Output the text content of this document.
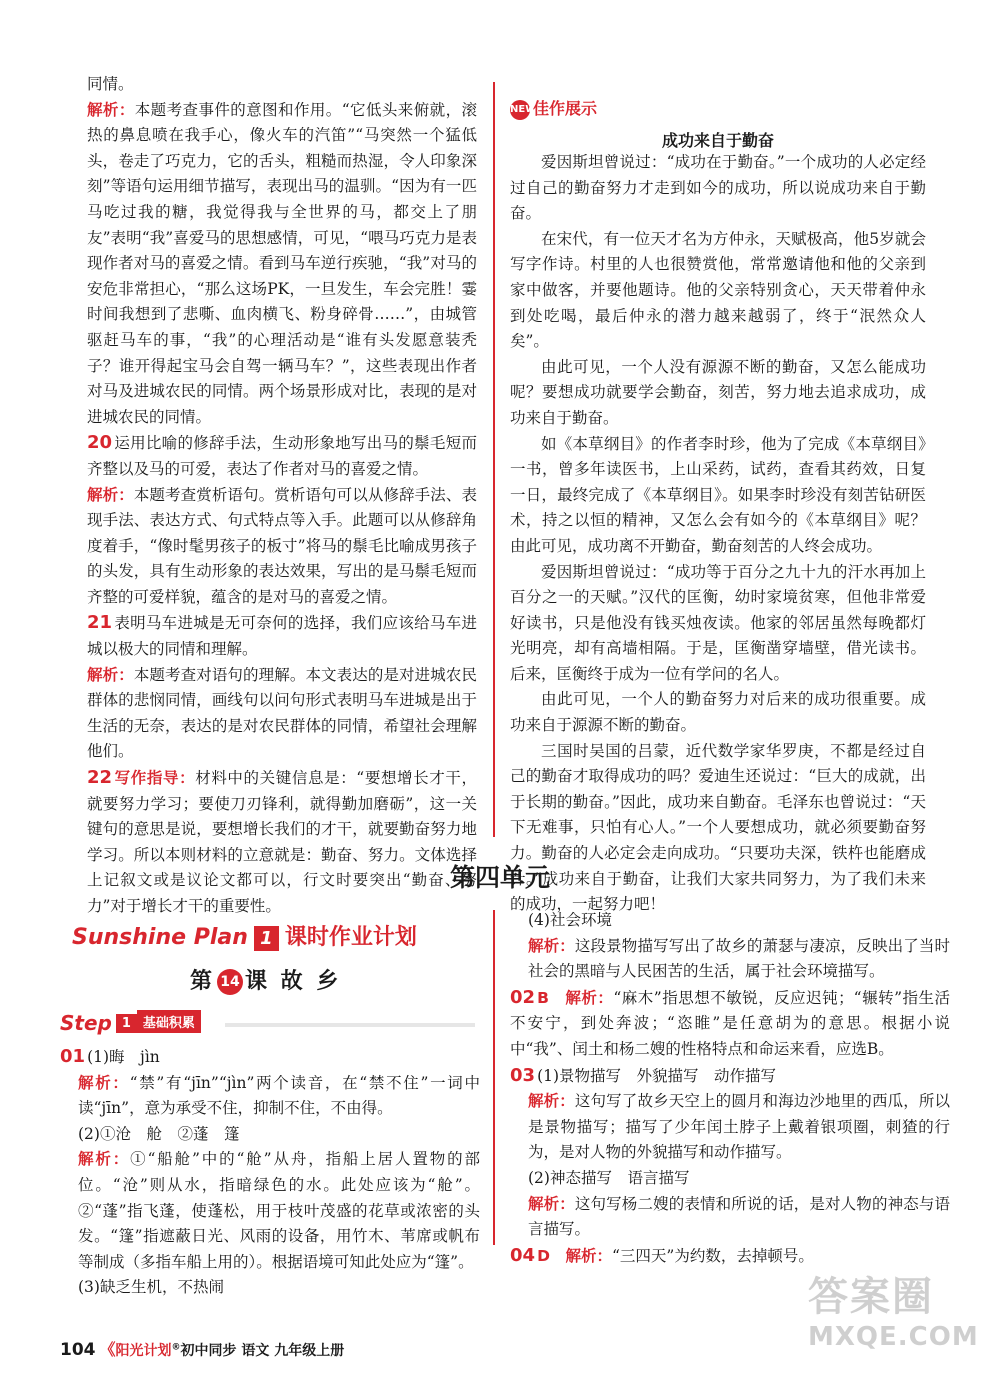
同情。
解析：本题考查事件的意图和作用。“它低头来俯就，滚热的鼻息喷在我手心，像火车的汽笛”“马突然一个猛低头，卷走了巧克力，它的舌头，粗糙而热湿，令人印象深刻”等语句运用细节描写，表现出马的温驯。“因为有一匹马吃过我的糖，我觉得我与全世界的马，都交上了朋友”表明“我”喜爱马的思想感情，可见，“喂马巧克力是表现作者对马的喜爱之情。看到马车逆行疾驰，“我”对马的安危非常担心，“那么这场PK，一旦发生，车会完胜！霎时间我想到了悲嘶、血肉横飞、粉身碎骨……”，由城管驱赶马车的事，“我”的心理活动是“谁有头发愿意装秃子？谁开得起宝马会自驾一辆马车？”，这些表现出作者对马及进城农民的同情。两个场景形成对比，表现的是对进城农民的同情。
20 运用比喻的修辞手法，生动形象地写出马的鬃毛短而齐整以及马的可爱，表达了作者对马的喜爱之情。
解析：本题考查赏析语句。赏析语句可以从修辞手法、表现手法、表达方式、句式特点等入手。此题可以从修辞角度着手，“像时髦男孩子的板寸”将马的鬃毛比喻成男孩子的头发，具有生动形象的表达效果，写出的是马鬃毛短而齐整的可爱样貌，蕴含的是对马的喜爱之情。
21 表明马车进城是无可奈何的选择，我们应该给马车进城以极大的同情和理解。
解析：本题考查对语句的理解。本文表达的是对进城农民群体的悲悯同情，画线句以问句形式表明马车进城是出于生活的无奈，表达的是对农民群体的同情，希望社会理解他们。
22 写作指导：材料中的关键信息是：“要想增长才干，就要努力学习；要使刀刃锋利，就得勤加磨砺”，这一关键句的意思是说，要想增长我们的才干，就要勤奋努力地学习。所以本则材料的立意就是：勤奋、努力。文体选择上记叙文或是议论文都可以，行文时要突出“勤奋、努力”对于增长才干的重要性。
NEW佳作展示
成功来自于勤奋
爱因斯坦曾说过：“成功在于勤奋。”一个成功的人必定经过自己的勤奋努力才走到如今的成功，所以说成功来自于勤奋。
在宋代，有一位天才名为方仲永，天赋极高，他5岁就会写字作诗。村里的人也很赞赏他，常常邀请他和他的父亲到家中做客，并要他题诗。他的父亲特别贪心，天天带着仲永到处吃喝，最后仲永的潜力越来越弱了，终于“泯然众人矣”。
由此可见，一个人没有源源不断的勤奋，又怎么能成功呢？要想成功就要学会勤奋，刻苦，努力地去追求成功，成功来自于勤奋。
如《本草纲目》的作者李时珍，他为了完成《本草纲目》一书，曾多年读医书，上山采药，试药，查看其药效，日复一日，最终完成了《本草纲目》。如果李时珍没有刻苦钻研医术，持之以恒的精神，又怎么会有如今的《本草纲目》呢？由此可见，成功离不开勤奋，勤奋刻苦的人终会成功。
爱因斯坦曾说过：“成功等于百分之九十九的汗水再加上百分之一的天赋。”汉代的匡衡，幼时家境贫寒，但他非常爱好读书，只是他没有钱买烛夜读。他家的邻居虽然每晚都灯光明亮，却有高墙相隔。于是，匡衡凿穿墙壁，借光读书。后来，匡衡终于成为一位有学问的名人。
由此可见，一个人的勤奋努力对后来的成功很重要。成功来自于源源不断的勤奋。
三国时吴国的吕蒙，近代数学家华罗庚，不都是经过自己的勤奋才取得成功的吗？爱迪生还说过：“巨大的成就，出于长期的勤奋。”因此，成功来自勤奋。毛泽东也曾说过：“天下无难事，只怕有心人。”一个人要想成功，就必须要勤奋努力。勤奋的人必定会走向成功。“只要功夫深，铁杵也能磨成针。”成功来自于勤奋，让我们大家共同努力，为了我们未来的成功，一起努力吧！
第四单元
Sunshine Plan 1 课时作业计划
第 14 课 故 乡
Step 1 基础积累
01 (1)晦　jìn
解析：“禁”有“jīn”“jìn”两个读音，在“禁不住”一词中读“jīn”，意为承受不住，抑制不住，不由得。
(2)①沧　舱　②蓬　篷
解析：①“船舱”中的“舱”从舟，指船上居人置物的部位。“沧”则从水，指暗绿色的水。此处应该为“舱”。②“蓬”指飞蓬，使蓬松，用于枝叶茂盛的花草或浓密的头发。“篷”指遮蔽日光、风雨的设备，用竹木、苇席或帆布等制成（多指车船上用的）。根据语境可知此处应为“篷”。
(3)缺乏生机，不热闹
(4)社会环境
解析：这段景物描写写出了故乡的萧瑟与凄凉，反映出了当时社会的黑暗与人民困苦的生活，属于社会环境描写。
02 B　 解析：“麻木”指思想不敏锐，反应迟钝；“辗转”指生活不安宁，到处奔波；“恣睢”是任意胡为的意思。根据小说中“我”、闰土和杨二嫂的性格特点和命运来看，应选B。
03 (1)景物描写　外貌描写　动作描写
解析：这句写了故乡天空上的圆月和海边沙地里的西瓜，所以是景物描写；描写了少年闰土脖子上戴着银项圈，刺猹的行为，是对人物的外貌描写和动作描写。
(2)神态描写　语言描写
解析：这句写杨二嫂的表情和所说的话，是对人物的神态与语言描写。
04 D　 解析：“三四天”为约数，去掉顿号。
104 《阳光计划®初中同步 语文 九年级上册
答案圈
MXQE.COM
